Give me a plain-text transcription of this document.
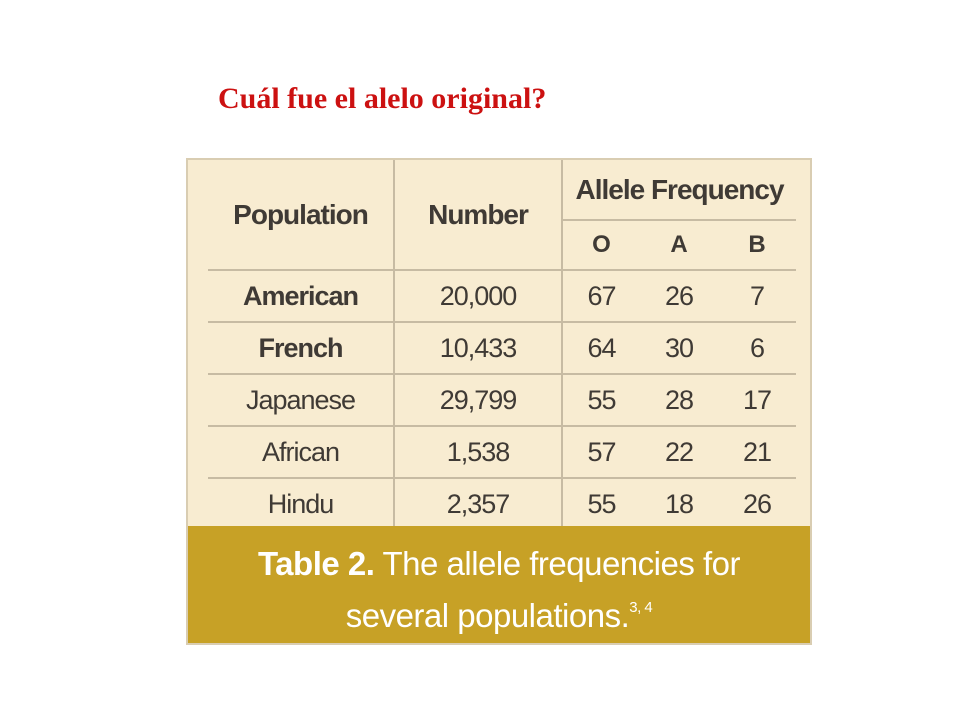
Cuál fue el alelo original?
Population	Number	Allele Frequency		
		O	A	B
American	20,000	67	26	7
French	10,433	64	30	6
Japanese	29,799	55	28	17
African	1,538	57	22	21
Hindu	2,357	55	18	26
Table 2. The allele frequencies for
several populations.$^{3, 4}$
